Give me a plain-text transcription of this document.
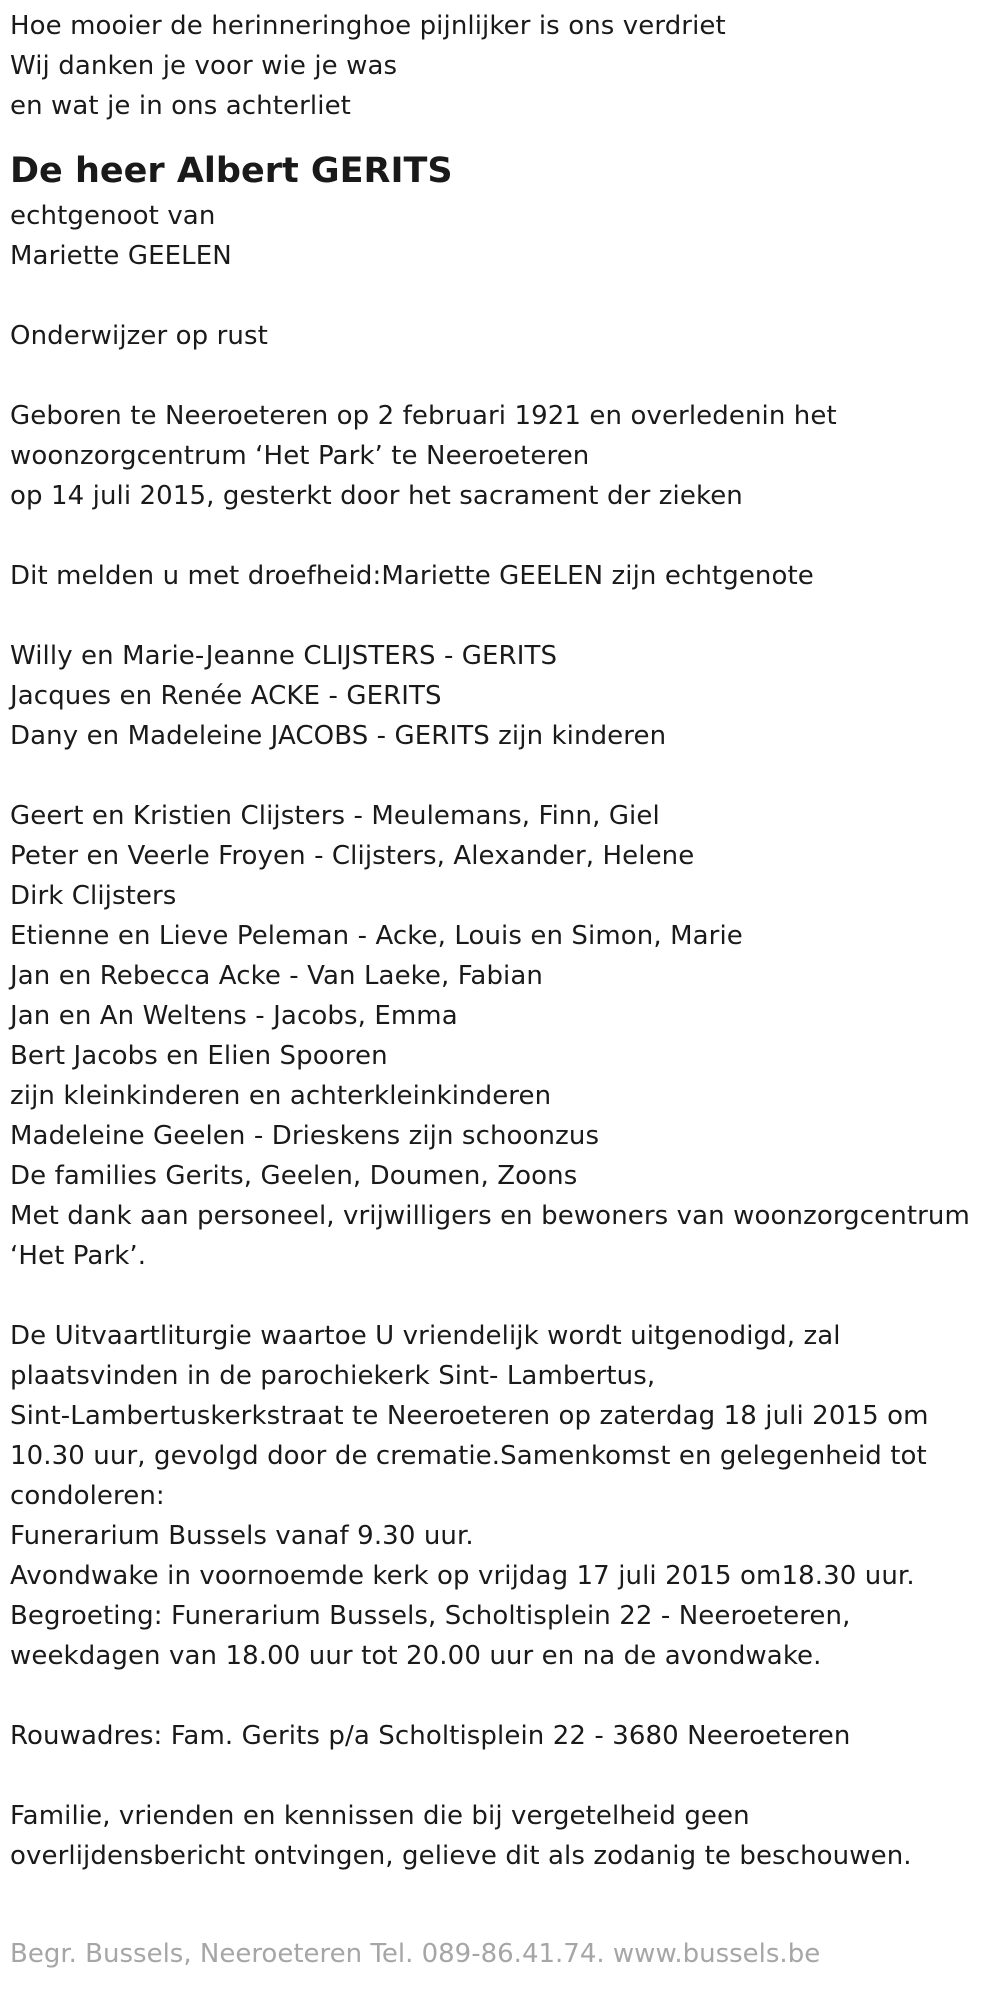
Hoe mooier de herinneringhoe pijnlijker is ons verdriet
Wij danken je voor wie je was
en wat je in ons achterliet
De heer Albert GERITS
echtgenoot van
Mariette GEELEN
Onderwijzer op rust
Geboren te Neeroeteren op 2 februari 1921 en overledenin het
woonzorgcentrum ‘Het Park’ te Neeroeteren
op 14 juli 2015, gesterkt door het sacrament der zieken
Dit melden u met droefheid:Mariette GEELEN zijn echtgenote
Willy en Marie-Jeanne CLIJSTERS - GERITS
Jacques en Renée ACKE - GERITS
Dany en Madeleine JACOBS - GERITS zijn kinderen
Geert en Kristien Clijsters - Meulemans, Finn, Giel
Peter en Veerle Froyen - Clijsters, Alexander, Helene
Dirk Clijsters
Etienne en Lieve Peleman - Acke, Louis en Simon, Marie
Jan en Rebecca Acke - Van Laeke, Fabian
Jan en An Weltens - Jacobs, Emma
Bert Jacobs en Elien Spooren
zijn kleinkinderen en achterkleinkinderen
Madeleine Geelen - Drieskens zijn schoonzus
De families Gerits, Geelen, Doumen, Zoons
Met dank aan personeel, vrijwilligers en bewoners van woonzorgcentrum
‘Het Park’.
De Uitvaartliturgie waartoe U vriendelijk wordt uitgenodigd, zal
plaatsvinden in de parochiekerk Sint- Lambertus,
Sint-Lambertuskerkstraat te Neeroeteren op zaterdag 18 juli 2015 om
10.30 uur, gevolgd door de crematie.Samenkomst en gelegenheid tot
condoleren:
Funerarium Bussels vanaf 9.30 uur.
Avondwake in voornoemde kerk op vrijdag 17 juli 2015 om18.30 uur.
Begroeting: Funerarium Bussels, Scholtisplein 22 - Neeroeteren,
weekdagen van 18.00 uur tot 20.00 uur en na de avondwake.
Rouwadres: Fam. Gerits p/a Scholtisplein 22 - 3680 Neeroeteren
Familie, vrienden en kennissen die bij vergetelheid geen
overlijdensbericht ontvingen, gelieve dit als zodanig te beschouwen.
Begr. Bussels, Neeroeteren Tel. 089-86.41.74. www.bussels.be
